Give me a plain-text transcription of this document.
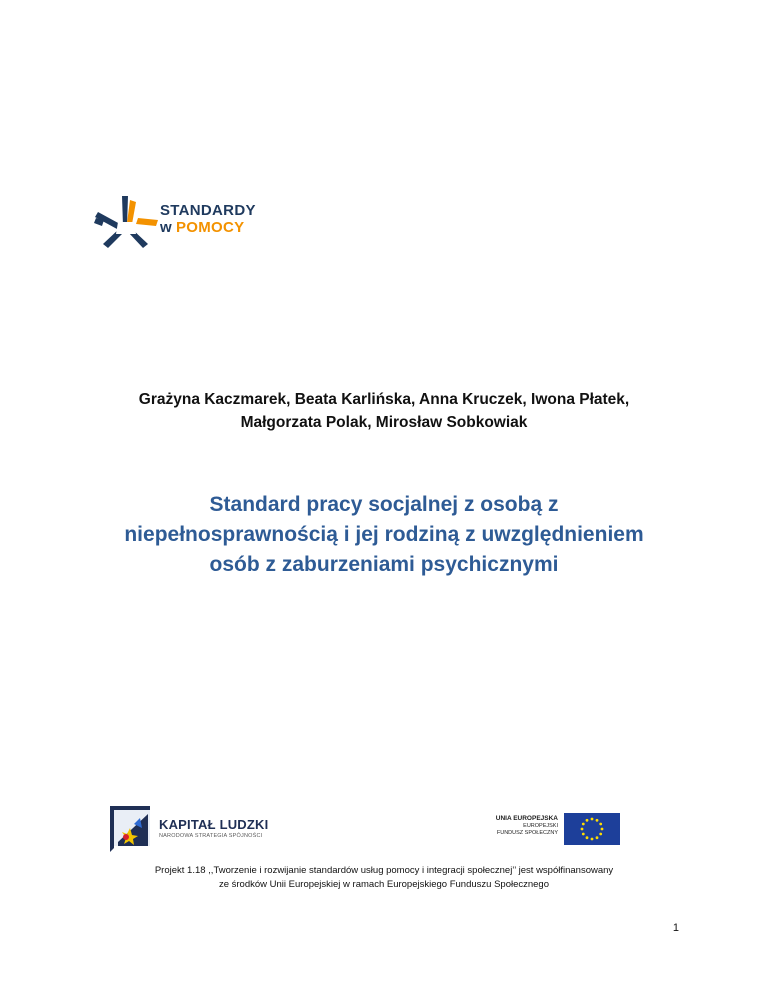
STANDARDY
w POMOCY
Grażyna Kaczmarek, Beata Karlińska, Anna Kruczek, Iwona Płatek,
Małgorzata Polak, Mirosław Sobkowiak
Standard pracy socjalnej z osobą z
niepełnosprawnością i jej rodziną z uwzględnieniem
osób z zaburzeniami psychicznymi
KAPITAŁ LUDZKI
NARODOWA STRATEGIA SPÓJNOŚCI
UNIA EUROPEJSKA
EUROPEJSKI
FUNDUSZ SPOŁECZNY
Projekt 1.18 ,,Tworzenie i rozwijanie standardów usług pomocy i integracji społecznej’’ jest współfinansowany
ze środków Unii Europejskiej w ramach Europejskiego Funduszu Społecznego
1
